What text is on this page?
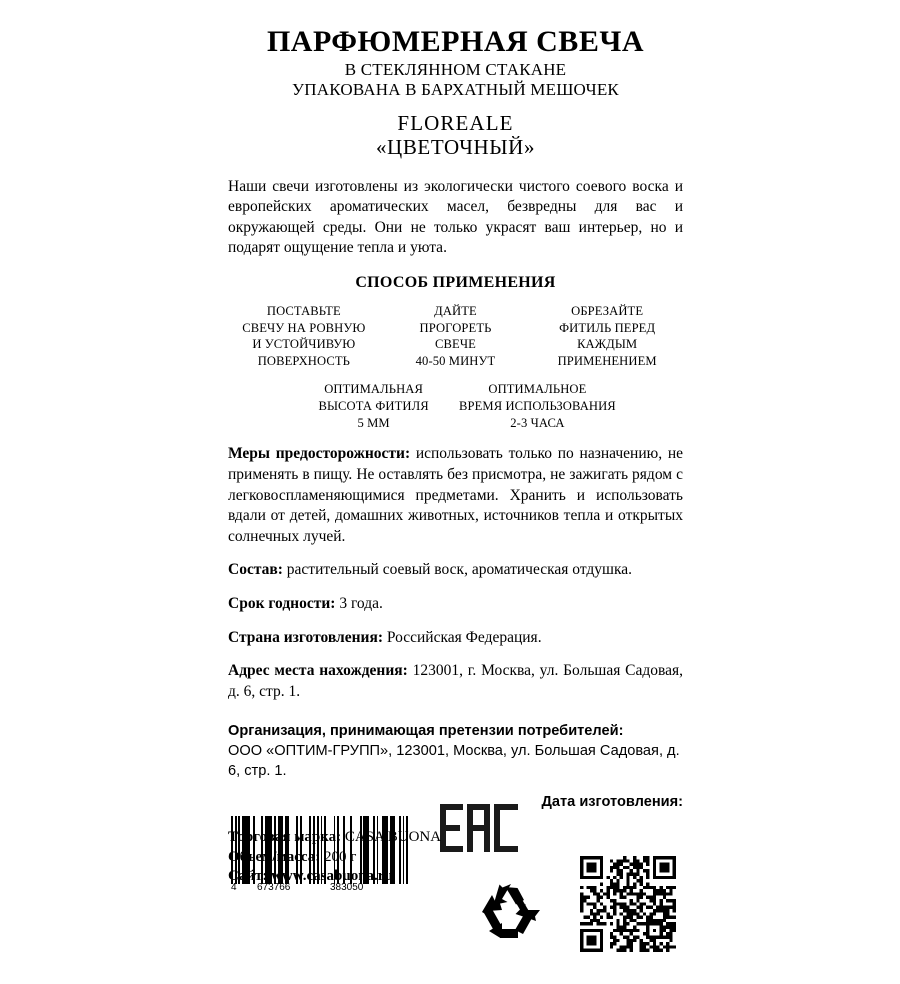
ПАРФЮМЕРНАЯ СВЕЧА
В СТЕКЛЯННОМ СТАКАНЕ
УПАКОВАНА В БАРХАТНЫЙ МЕШОЧЕК
FLOREALE
«ЦВЕТОЧНЫЙ»
Наши свечи изготовлены из экологически чистого соевого воска и европейских ароматических масел, безвредны для вас и окружающей среды. Они не только украсят ваш интерьер, но и подарят ощущение тепла и уюта.
СПОСОБ ПРИМЕНЕНИЯ
ПОСТАВЬТЕ
СВЕЧУ НА РОВНУЮ
И УСТОЙЧИВУЮ
ПОВЕРХНОСТЬ
ДАЙТЕ
ПРОГОРЕТЬ
СВЕЧЕ
40-50 МИНУТ
ОБРЕЗАЙТЕ
ФИТИЛЬ ПЕРЕД
КАЖДЫМ
ПРИМЕНЕНИЕМ
ОПТИМАЛЬНАЯ
ВЫСОТА ФИТИЛЯ
5 ММ
ОПТИМАЛЬНОЕ
ВРЕМЯ ИСПОЛЬЗОВАНИЯ
2-3 ЧАСА
Меры предосторожности: использовать только по назначению, не применять в пищу. Не оставлять без присмотра, не зажигать рядом с легковоспламеняющимися предметами. Хранить и использовать вдали от детей, домашних животных, источников тепла и открытых солнечных лучей.
Состав: растительный соевый воск, ароматическая отдушка.
Срок годности: 3 года.
Страна изготовления: Российская Федерация.
Адрес места нахождения: 123001, г. Москва, ул. Большая Садовая, д. 6, стр. 1.
Организация, принимающая претензии потребителей:
ООО «ОПТИМ-ГРУПП», 123001, Москва, ул. Большая Садовая, д. 6, стр. 1.
Дата изготовления:
4 673766	383050
Торговая марка: CASA BUONA
Объем/масса: 200 г
Сайт: www.casabuona.ru
